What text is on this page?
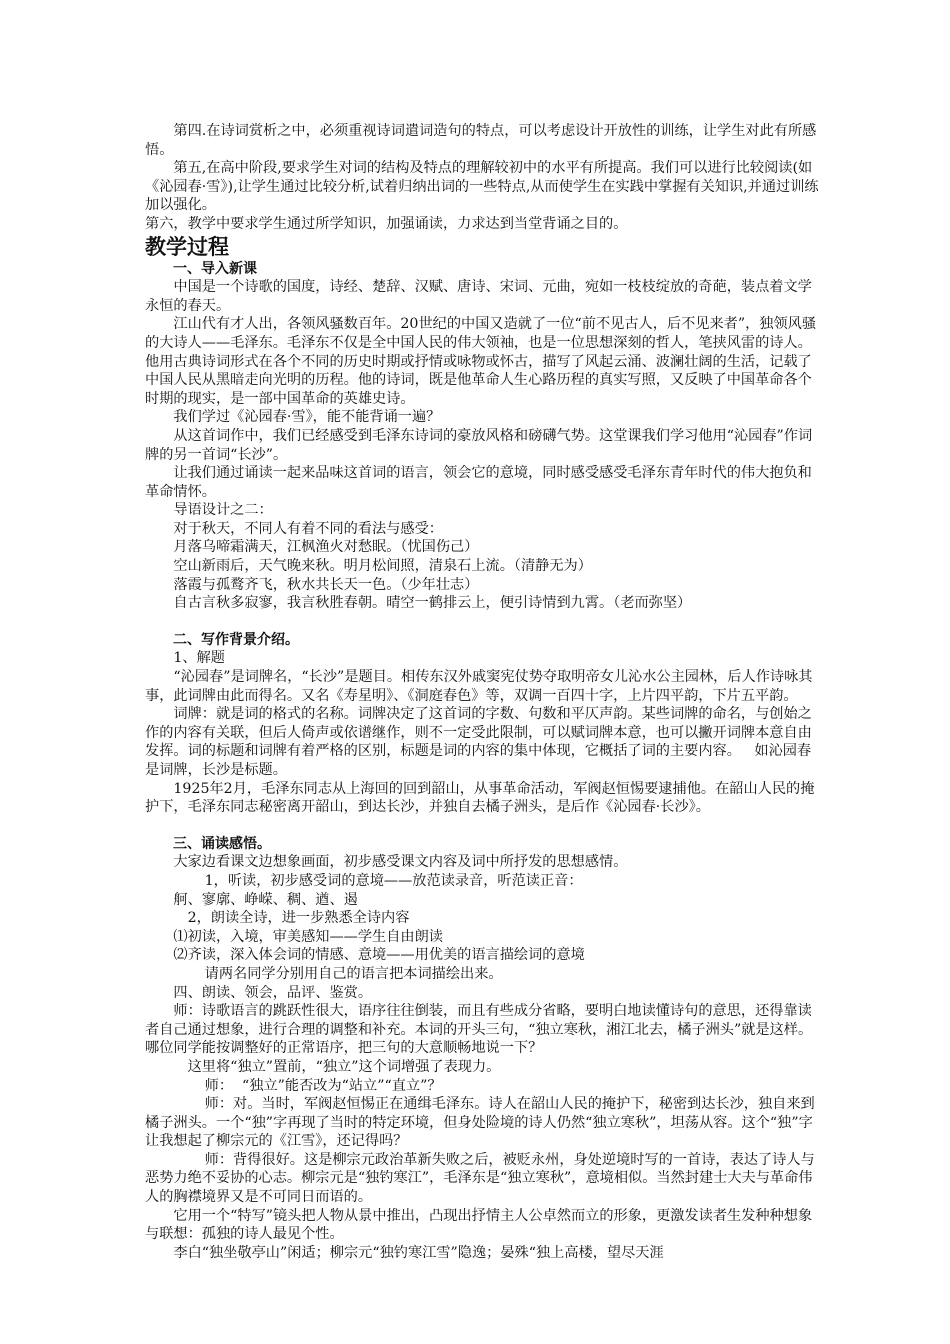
第四.在诗词赏析之中，必须重视诗词遣词造句的特点，可以考虑设计开放性的训练，让学生对此有所感悟。

第五,在高中阶段,要求学生对词的结构及特点的理解较初中的水平有所提高。我们可以进行比较阅读(如《沁园春·雪》),让学生通过比较分析,试着归纳出词的一些特点,从而使学生在实践中掌握有关知识,并通过训练加以强化。

第六，教学中要求学生通过所学知识，加强诵读，力求达到当堂背诵之目的。

教学过程

一、导入新课

中国是一个诗歌的国度，诗经、楚辞、汉赋、唐诗、宋词、元曲，宛如一枝枝绽放的奇葩，装点着文学永恒的春天。

江山代有才人出，各领风骚数百年。20世纪的中国又造就了一位“前不见古人，后不见来者”，独领风骚的大诗人——毛泽东。毛泽东不仅是全中国人民的伟大领袖，也是一位思想深刻的哲人，笔挟风雷的诗人。他用古典诗词形式在各个不同的历史时期或抒情或咏物或怀古，描写了风起云涌、波澜壮阔的生活，记载了中国人民从黑暗走向光明的历程。他的诗词，既是他革命人生心路历程的真实写照，又反映了中国革命各个时期的现实，是一部中国革命的英雄史诗。

我们学过《沁园春·雪》，能不能背诵一遍？

从这首词作中，我们已经感受到毛泽东诗词的豪放风格和磅礴气势。这堂课我们学习他用“沁园春”作词牌的另一首词“长沙”。

让我们通过诵读一起来品味这首词的语言，领会它的意境，同时感受感受毛泽东青年时代的伟大抱负和革命情怀。

导语设计之二：

对于秋天，不同人有着不同的看法与感受：

月落乌啼霜满天，江枫渔火对愁眠。（忧国伤己）

空山新雨后，天气晚来秋。明月松间照，清泉石上流。（清静无为）

落霞与孤鹜齐飞，秋水共长天一色。（少年壮志）

自古言秋多寂寥，我言秋胜春朝。晴空一鹤排云上，便引诗情到九霄。（老而弥坚）

二、写作背景介绍。

1、解题

“沁园春”是词牌名，“长沙”是题目。相传东汉外戚窦宪仗势夺取明帝女儿沁水公主园林，后人作诗咏其事，此词牌由此而得名。又名《寿星明》、《洞庭春色》等，双调一百四十字，上片四平韵，下片五平韵。

词牌：就是词的格式的名称。词牌决定了这首词的字数、句数和平仄声韵。某些词牌的命名，与创始之作的内容有关联，但后人倚声或依谱继作，则不一定受此限制，可以赋词牌本意，也可以撇开词牌本意自由发挥。词的标题和词牌有着严格的区别，标题是词的内容的集中体现，它概括了词的主要内容。   如沁园春是词牌，长沙是标题。

1925年2月，毛泽东同志从上海回的回到韶山，从事革命活动，军阀赵恒惕要逮捕他。在韶山人民的掩护下，毛泽东同志秘密离开韶山，到达长沙，并独自去橘子洲头，是后作《沁园春·长沙》。

三、诵读感悟。

大家边看课文边想象画面，初步感受课文内容及词中所抒发的思想感情。

1，听读，初步感受词的意境——放范读录音，听范读正音：

舸、寥廓、峥嵘、稠、遒、遏

2，朗读全诗，进一步熟悉全诗内容

⑴初读，入境，审美感知——学生自由朗读

⑵齐读，深入体会词的情感、意境——用优美的语言描绘词的意境

请两名同学分别用自己的语言把本词描绘出来。

四、朗读、领会，品评、鉴赏。

师：诗歌语言的跳跃性很大，语序往往倒装，而且有些成分省略，要明白地读懂诗句的意思，还得靠读者自己通过想象，进行合理的调整和补充。本词的开头三句，“独立寒秋，湘江北去，橘子洲头”就是这样。哪位同学能按调整好的正常语序，把三句的大意顺畅地说一下？

这里将“独立”置前，“独立”这个词增强了表现力。

师：  “独立”能否改为“站立”“直立”？

师：对。当时，军阀赵恒惕正在通缉毛泽东。诗人在韶山人民的掩护下，秘密到达长沙，独自来到橘子洲头。一个“独”字再现了当时的特定环境，但身处险境的诗人仍然“独立寒秋”，坦荡从容。这个“独”字让我想起了柳宗元的《江雪》，还记得吗？

师：背得很好。这是柳宗元政治革新失败之后，被贬永州，身处逆境时写的一首诗，表达了诗人与恶势力绝不妥协的心志。柳宗元是“独钓寒江”，毛泽东是“独立寒秋”，意境相似。当然封建士大夫与革命伟人的胸襟境界又是不可同日而语的。

它用一个“特写”镜头把人物从景中推出，凸现出抒情主人公卓然而立的形象，更激发读者生发种种想象与联想：孤独的诗人最见个性。

李白“独坐敬亭山”闲适；柳宗元“独钓寒江雪”隐逸；晏殊“独上高楼，望尽天涯
